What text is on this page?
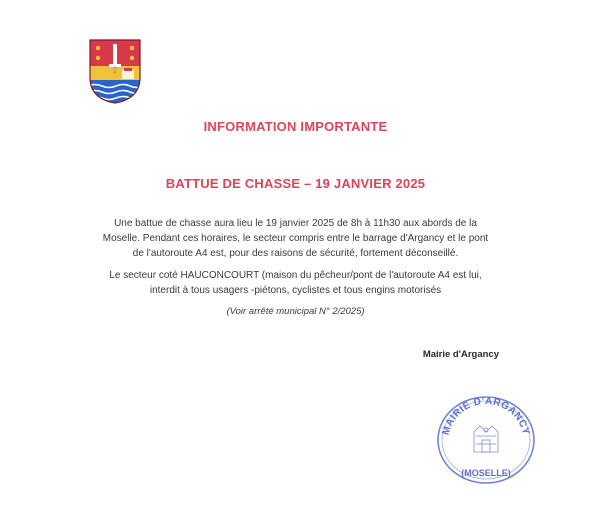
INFORMATION IMPORTANTE
BATTUE DE CHASSE – 19 JANVIER 2025
Une battue de chasse aura lieu le 19 janvier 2025 de 8h à 11h30 aux abords de la
Moselle. Pendant ces horaires, le secteur compris entre le barrage d'Argancy et le pont
de l'autoroute A4 est, pour des raisons de sécurité, fortement déconseillé.
Le secteur coté HAUCONCOURT (maison du pêcheur/pont de l'autoroute A4 est lui,
interdit à tous usagers -piétons, cyclistes et tous engins motorisés
(Voir arrêté municipal N° 2/2025)
Mairie d'Argancy
MAIRIE D'ARGANCY
(MOSELLE)
